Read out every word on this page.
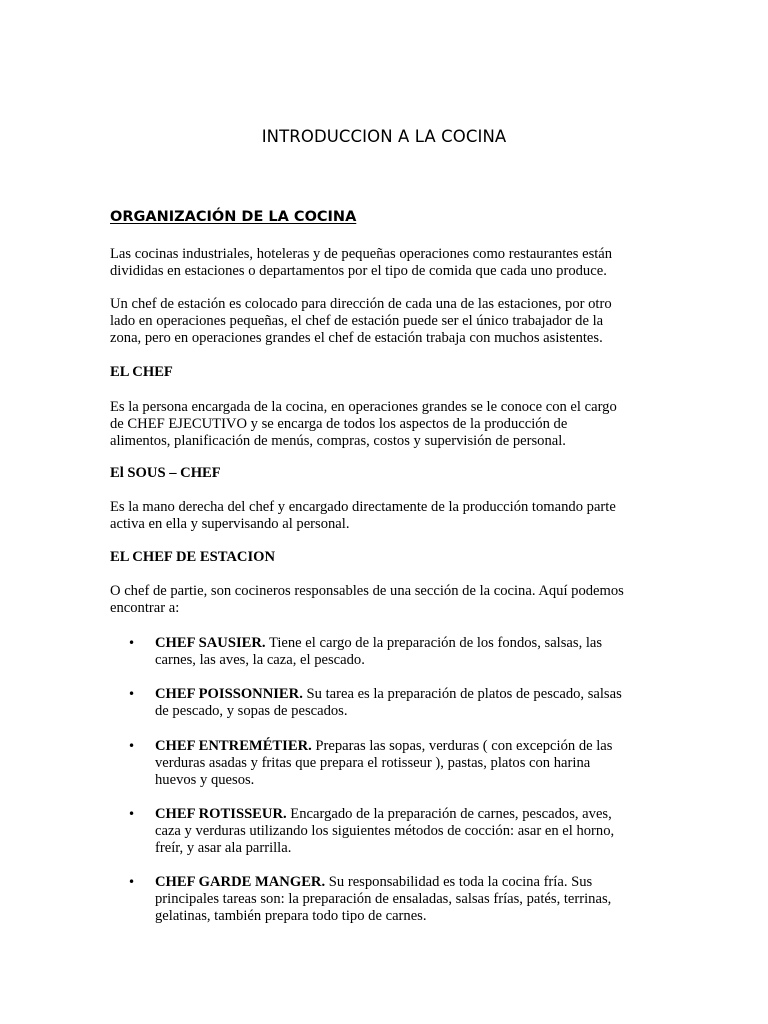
INTRODUCCION A LA COCINA
ORGANIZACIÓN DE LA COCINA
Las cocinas industriales, hoteleras y de pequeñas operaciones como restaurantes están
divididas en estaciones o departamentos por el tipo de comida que cada uno produce.
Un chef de estación es colocado para dirección de cada una de las estaciones, por otro
lado en operaciones pequeñas, el chef de estación puede ser el único trabajador de la
zona, pero en operaciones grandes el chef de estación trabaja con muchos asistentes.
EL CHEF
Es la persona encargada de la cocina, en operaciones grandes se le conoce con el cargo
de CHEF EJECUTIVO y se encarga de todos los aspectos de la producción de
alimentos, planificación de menús, compras, costos y supervisión de personal.
El SOUS – CHEF
Es la mano derecha del chef y encargado directamente de la producción tomando parte
activa en ella y supervisando al personal.
EL CHEF DE ESTACION
O chef de partie, son cocineros responsables de una sección de la cocina. Aquí podemos
encontrar a:
• CHEF SAUSIER. Tiene el cargo de la preparación de los fondos, salsas, las
carnes, las aves, la caza, el pescado.
• CHEF POISSONNIER. Su tarea es la preparación de platos de pescado, salsas
de pescado, y sopas de pescados.
• CHEF ENTREMÉTIER. Preparas las sopas, verduras ( con excepción de las
verduras asadas y fritas que prepara el rotisseur ), pastas, platos con harina
huevos y quesos.
• CHEF ROTISSEUR. Encargado de la preparación de carnes, pescados, aves,
caza y verduras utilizando los siguientes métodos de cocción: asar en el horno,
freír, y asar ala parrilla.
• CHEF GARDE MANGER. Su responsabilidad es toda la cocina fría. Sus
principales tareas son: la preparación de ensaladas, salsas frías, patés, terrinas,
gelatinas, también prepara todo tipo de carnes.
